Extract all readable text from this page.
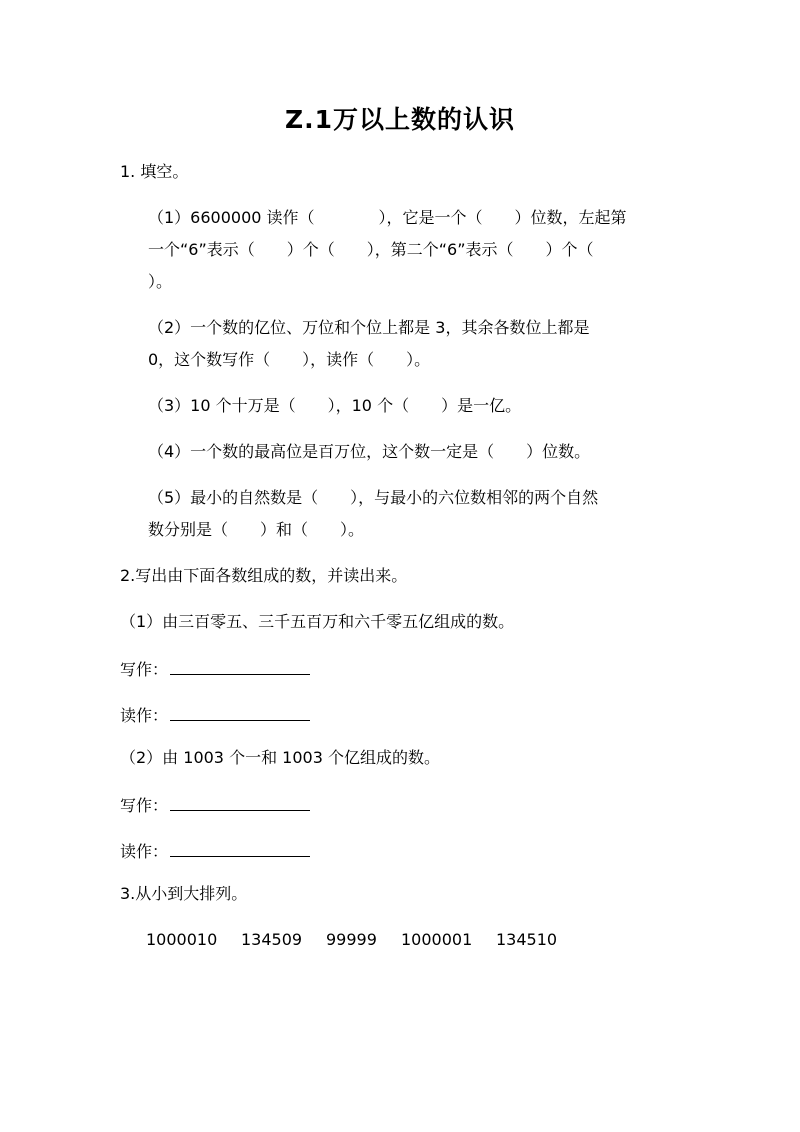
Z.1万以上数的认识
1. 填空。
（1）6600000 读作（　　　　），它是一个（　　）位数，左起第
一个“6”表示（　　）个（　　），第二个“6”表示（　　）个（
）。
（2）一个数的亿位、万位和个位上都是 3，其余各数位上都是
0，这个数写作（　　），读作（　　）。
（3）10 个十万是（　　），10 个（　　）是一亿。
（4）一个数的最高位是百万位，这个数一定是（　　）位数。
（5）最小的自然数是（　　），与最小的六位数相邻的两个自然
数分别是（　　）和（　　）。
2.写出由下面各数组成的数，并读出来。
（1）由三百零五、三千五百万和六千零五亿组成的数。
写作：
读作：
（2）由 1003 个一和 1003 个亿组成的数。
写作：
读作：
3.从小到大排列。
1000010	134509	99999	1000001	134510
